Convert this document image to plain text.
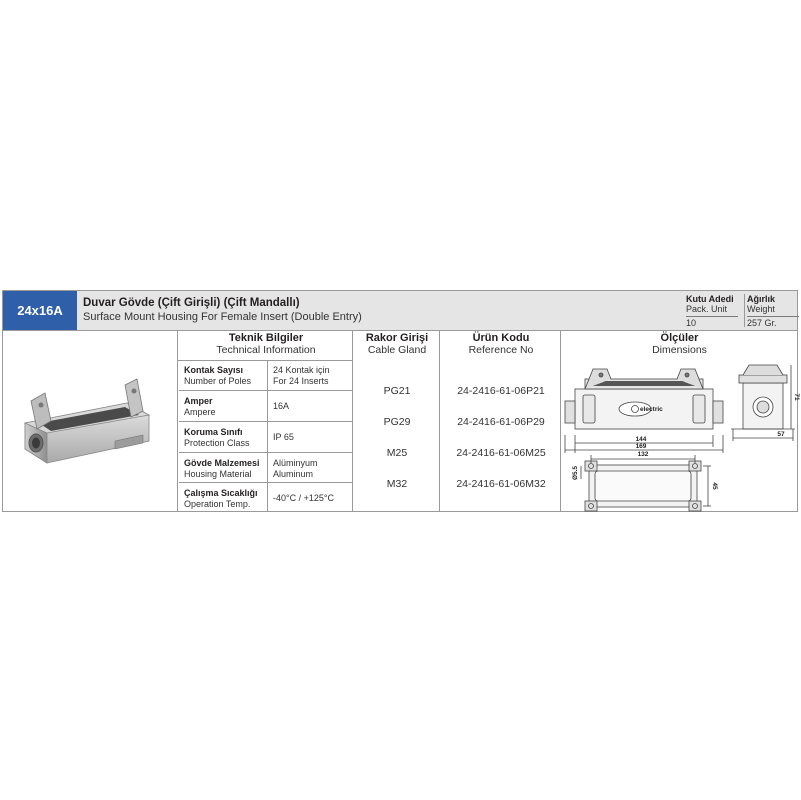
24x16A	Duvar Gövde (Çift Girişli) (Çift Mandallı)
Surface Mount Housing For Female Insert (Double Entry)
Kutu Adedi
Pack. Unit
10
Ağırlık
Weight
257 Gr.
Teknik Bilgiler
Technical Information
Rakor Girişi
Cable Gland
Ürün Kodu
Reference No
Ölçüler
Dimensions
Kontak Sayısı
Number of Poles
24 Kontak için
For 24 Inserts
Amper
Ampere
16A
Koruma Sınıfı
Protection Class
IP 65
Gövde Malzemesi
Housing Material
Alüminyum
Aluminum
Çalışma Sıcaklığı
Operation Temp.
-40°C / +125°C
PG21
PG29
M25
M32
24-2416-61-06P21
24-2416-61-06P29
24-2416-61-06M25
24-2416-61-06M32
electric
144
169
71
57
132
45
Ø5.5
